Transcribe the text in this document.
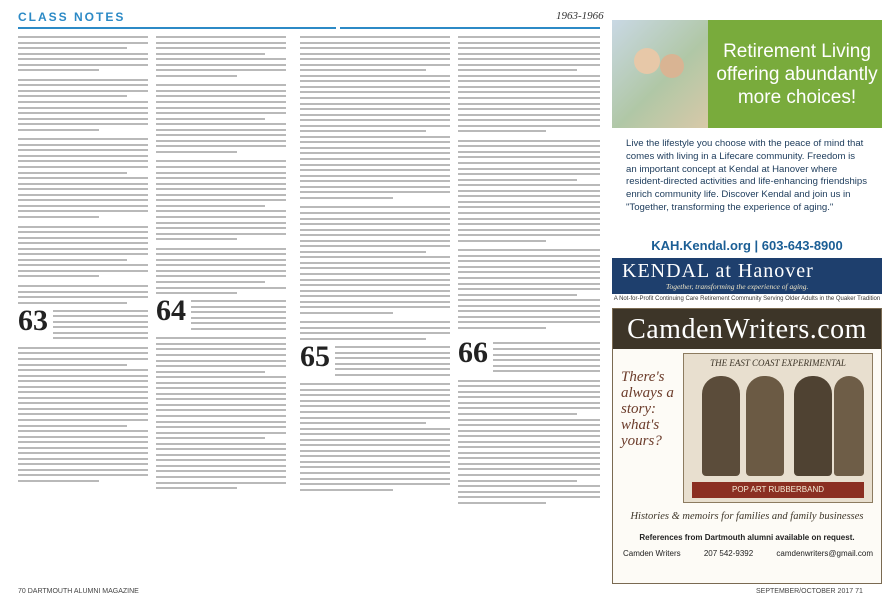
CLASS NOTES	1963-1966
63	64
65	66
Retirement Living offering abundantly more choices!
Live the lifestyle you choose with the peace of mind that comes with living in a Lifecare community. Freedom is an important concept at Kendal at Hanover where resident-directed activities and life-enhancing friendships enrich community life. Discover Kendal and join us in "Together, transforming the experience of aging."
KAH.Kendal.org | 603-643-8900
KENDAL at Hanover
Together, transforming the experience of aging.
A Not-for-Profit Continuing Care Retirement Community Serving Older Adults in the Quaker Tradition
CamdenWriters.com
There's always a story: what's yours?
THE EAST COAST EXPERIMENTAL
POP ART RUBBERBAND
Histories & memoirs for families and family businesses
References from Dartmouth alumni available on request.
Camden Writers	207 542-9392	camdenwriters@gmail.com
70 DARTMOUTH ALUMNI MAGAZINE	SEPTEMBER/OCTOBER 2017 71
